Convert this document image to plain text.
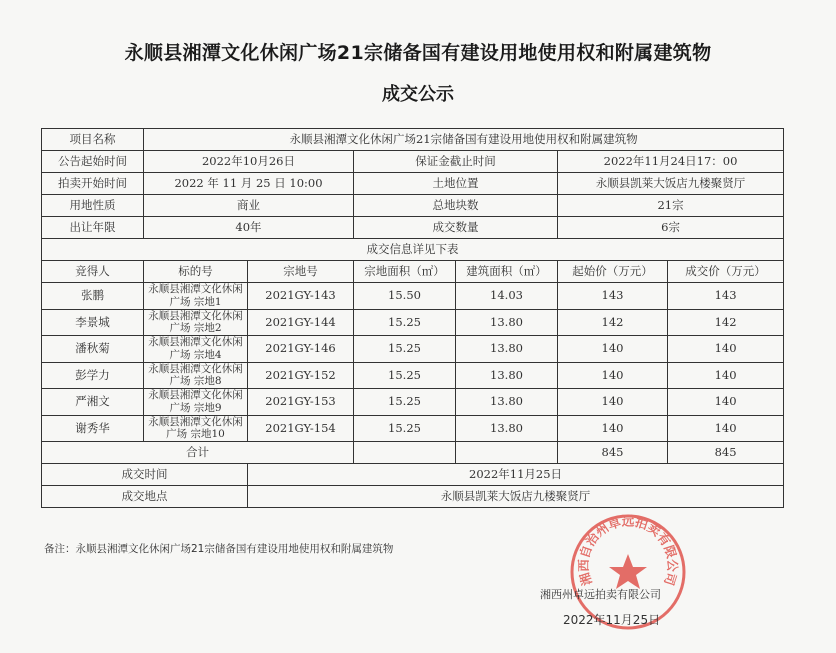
永顺县湘潭文化休闲广场21宗储备国有建设用地使用权和附属建筑物
成交公示
项目名称	永顺县湘潭文化休闲广场21宗储备国有建设用地使用权和附属建筑物					
公告起始时间	2022年10月26日		保证金截止时间		2022年11月24日17：00	
拍卖开始时间	2022 年 11 月 25 日 10:00		土地位置		永顺县凯莱大饭店九楼聚贤厅	
用地性质	商业		总地块数		21宗	
出让年限	40年		成交数量		6宗	
成交信息详见下表						
竞得人	标的号	宗地号	宗地面积（㎡）	建筑面积（㎡）	起始价（万元）	成交价（万元）
张鹏	永顺县湘潭文化休闲广场 宗地1	2021GY-143	15.50	14.03	143	143
李景城	永顺县湘潭文化休闲广场 宗地2	2021GY-144	15.25	13.80	142	142
潘秋菊	永顺县湘潭文化休闲广场 宗地4	2021GY-146	15.25	13.80	140	140
彭学力	永顺县湘潭文化休闲广场 宗地8	2021GY-152	15.25	13.80	140	140
严湘文	永顺县湘潭文化休闲广场 宗地9	2021GY-153	15.25	13.80	140	140
谢秀华	永顺县湘潭文化休闲广场 宗地10	2021GY-154	15.25	13.80	140	140
合计					845	845
成交时间		2022年11月25日				
成交地点		永顺县凯莱大饭店九楼聚贤厅				
备注：永顺县湘潭文化休闲广场21宗储备国有建设用地使用权和附属建筑物
湘西自治州卓远拍卖有限公司
湘西州卓远拍卖有限公司
2022年11月25日
